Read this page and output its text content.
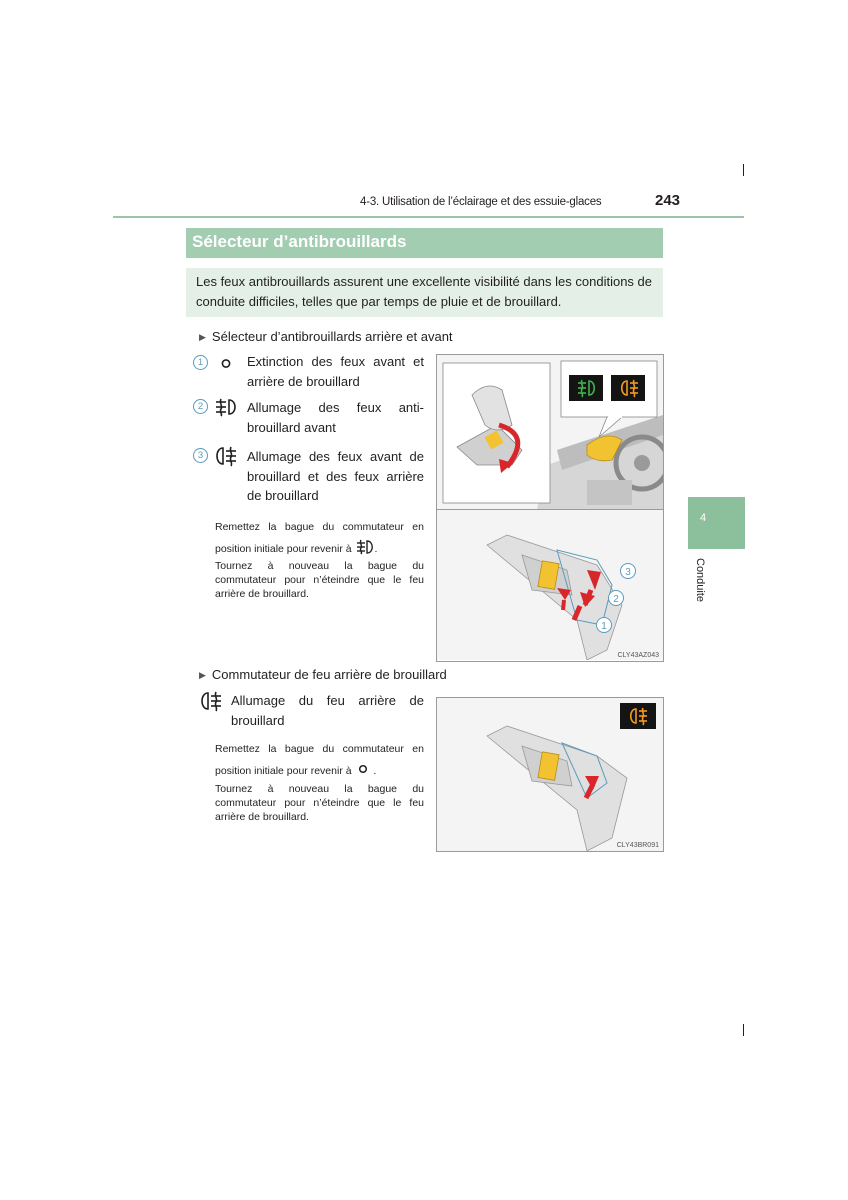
4-3. Utilisation de l’éclairage et des essuie-glaces	243
4
Conduite
Sélecteur d’antibrouillards
Les feux antibrouillards assurent une excellente visibilité dans les conditions de conduite difficiles, telles que par temps de pluie et de brouillard.
▶ Sélecteur d’antibrouillards arrière et avant
1	Extinction des feux avant et arrière de brouillard
2	Allumage des feux anti-brouillard avant
3	Allumage des feux avant de brouillard et des feux arrière de brouillard
Remettez la bague du commutateur en position initiale pour revenir à .
Tournez à nouveau la bague du commutateur pour n’éteindre que le feu arrière de brouillard.
3
2
1
CLY43AZ043
▶ Commutateur de feu arrière de brouillard
Allumage du feu arrière de brouillard
Remettez la bague du commutateur en position initiale pour revenir à .
Tournez à nouveau la bague du commutateur pour n’éteindre que le feu arrière de brouillard.
CLY43BR091
